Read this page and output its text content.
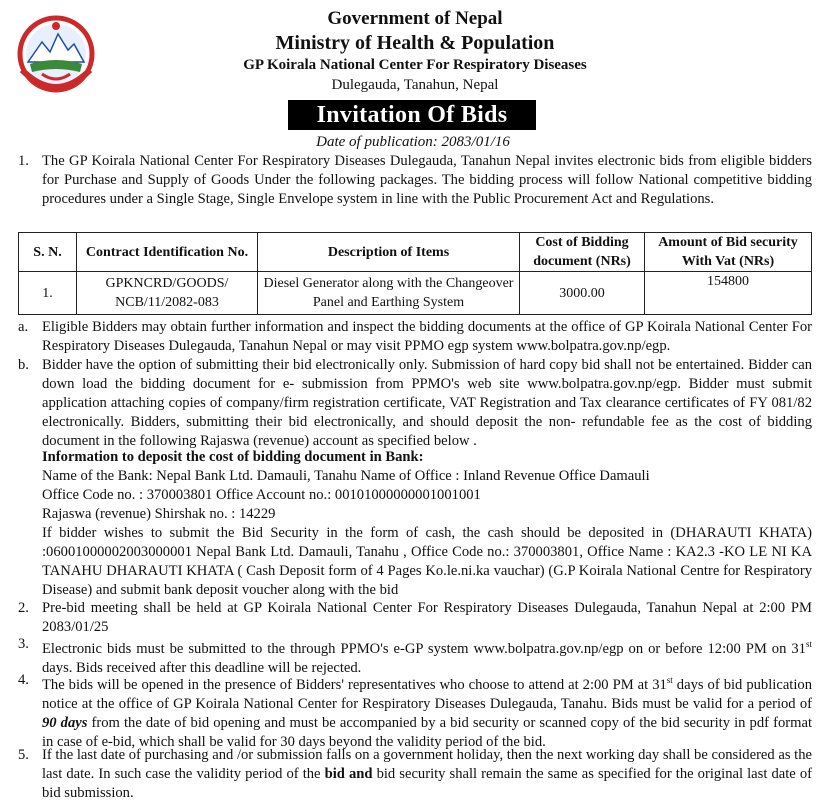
Government of Nepal
Ministry of Health & Population
GP Koirala National Center For Respiratory Diseases
Dulegauda, Tanahun, Nepal
Invitation Of Bids
Date of publication: 2083/01/16
1. The GP Koirala National Center For Respiratory Diseases Dulegauda, Tanahun Nepal invites electronic bids from eligible bidders for Purchase and Supply of Goods Under the following packages. The bidding process will follow National competitive bidding procedures under a Single Stage, Single Envelope system in line with the Public Procurement Act and Regulations.
S. N.	Contract Identification No.	Description of Items	Cost of Bidding document (NRs)	Amount of Bid security With Vat (NRs)
1.	GPKNCRD/GOODS/ NCB/11/2082-083	Diesel Generator along with the Changeover Panel and Earthing System	3000.00	154800
a. Eligible Bidders may obtain further information and inspect the bidding documents at the office of GP Koirala National Center For Respiratory Diseases Dulegauda, Tanahun Nepal or may visit PPMO egp system www.bolpatra.gov.np/egp.
b. Bidder have the option of submitting their bid electronically only. Submission of hard copy bid shall not be entertained. Bidder can down load the bidding document for e- submission from PPMO's web site www.bolpatra.gov.np/egp. Bidder must submit application attaching copies of company/firm registration certificate, VAT Registration and Tax clearance certificates of FY 081/82 electronically. Bidders, submitting their bid electronically, and should deposit the non- refundable fee as the cost of bidding document in the following Rajaswa (revenue) account as specified below .
Information to deposit the cost of bidding document in Bank:
Name of the Bank: Nepal Bank Ltd. Damauli, Tanahu Name of Office : Inland Revenue Office Damauli
Office Code no. : 370003801 Office Account no.: 00101000000001001001
Rajaswa (revenue) Shirshak no. : 14229
If bidder wishes to submit the Bid Security in the form of cash, the cash should be deposited in (DHARAUTI KHATA) :06001000002003000001 Nepal Bank Ltd. Damauli, Tanahu , Office Code no.: 370003801, Office Name : KA2.3 -KO LE NI KA TANAHU DHARAUTI KHATA ( Cash Deposit form of 4 Pages Ko.le.ni.ka vauchar) (G.P Koirala National Centre for Respiratory Disease) and submit bank deposit voucher along with the bid
2. Pre-bid meeting shall be held at GP Koirala National Center For Respiratory Diseases Dulegauda, Tanahun Nepal at 2:00 PM 2083/01/25
3. Electronic bids must be submitted to the through PPMO's e-GP system www.bolpatra.gov.np/egp on or before 12:00 PM on 31st days. Bids received after this deadline will be rejected.
4. The bids will be opened in the presence of Bidders' representatives who choose to attend at 2:00 PM at 31st days of bid publication notice at the office of GP Koirala National Center for Respiratory Diseases Dulegauda, Tanahu. Bids must be valid for a period of 90 days from the date of bid opening and must be accompanied by a bid security or scanned copy of the bid security in pdf format in case of e-bid, which shall be valid for 30 days beyond the validity period of the bid.
5. If the last date of purchasing and /or submission falls on a government holiday, then the next working day shall be considered as the last date. In such case the validity period of the bid and bid security shall remain the same as specified for the original last date of bid submission.
